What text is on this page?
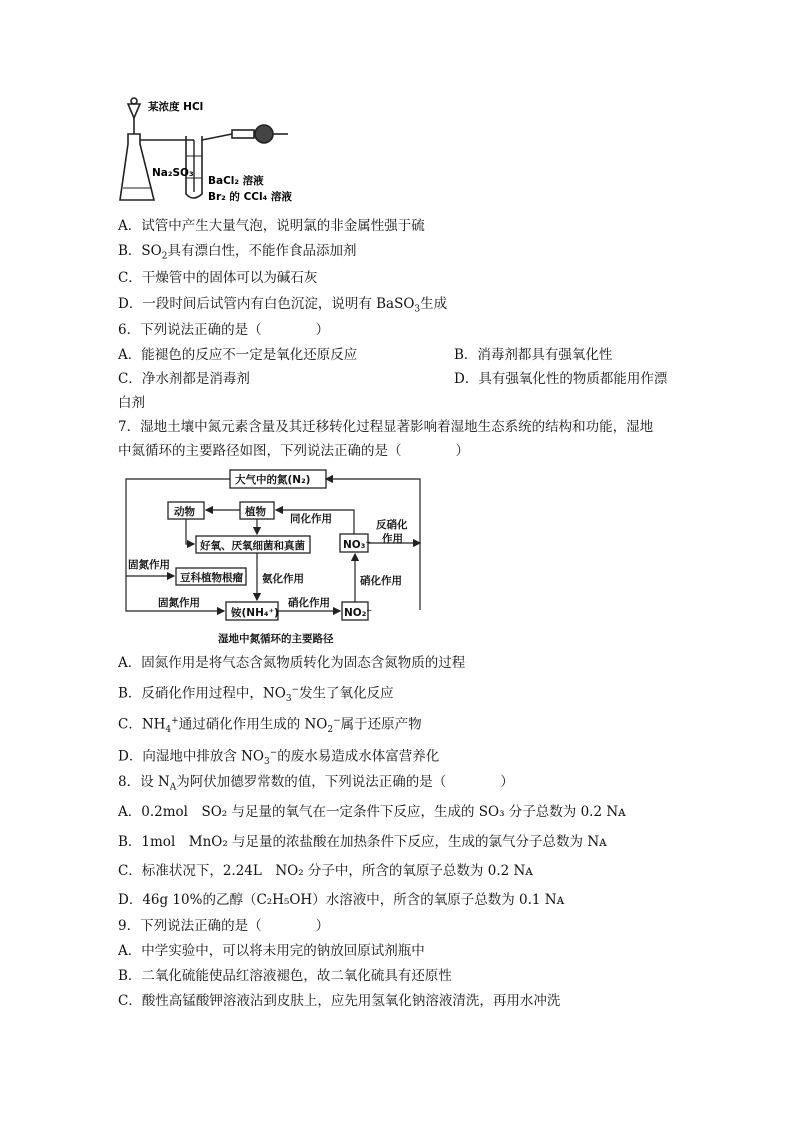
某浓度 HCl
Na₂SO₃
BaCl₂ 溶液
Br₂ 的 CCl₄ 溶液
A．试管中产生大量气泡，说明氯的非金属性强于硫
B．$SO_2$具有漂白性，不能作食品添加剂
C．干燥管中的固体可以为碱石灰
D．一段时间后试管内有白色沉淀，说明有 BaSO$_3$生成
6．下列说法正确的是（　　　　）
A．能褪色的反应不一定是氧化还原反应	B．消毒剂都具有强氧化性
C．净水剂都是消毒剂	D．具有强氧化性的物质都能用作漂
白剂
7．湿地土壤中氮元素含量及其迁移转化过程显著影响着湿地生态系统的结构和功能，湿地
中氮循环的主要路径如图，下列说法正确的是（　　　　）
大气中的氮(N₂)
动物	植物
好氧、厌氧细菌和真菌
豆科植物根瘤
铵(NH₄⁺)	NO₂⁻
NO₃⁻
同化作用	反硝化
作用
固氮作用
固氮作用
氨化作用
硝化作用
硝化作用
湿地中氮循环的主要路径
A．固氮作用是将气态含氮物质转化为固态含氮物质的过程
B．反硝化作用过程中，$NO_3^-$发生了氧化反应
C．$NH_4^+$通过硝化作用生成的 $NO_2^-$属于还原产物
D．向湿地中排放含 $NO_3^-$的废水易造成水体富营养化
8．设 $N_A$为阿伏加德罗常数的值，下列说法正确的是（　　　　）
A．0.2mol　SO₂ 与足量的氧气在一定条件下反应，生成的 SO₃ 分子总数为 0.2 Nᴀ
B．1mol　MnO₂ 与足量的浓盐酸在加热条件下反应，生成的氯气分子总数为 Nᴀ
C．标准状况下，2.24L　NO₂ 分子中，所含的氧原子总数为 0.2 Nᴀ
D．46g 10%的乙醇（C₂H₅OH）水溶液中，所含的氧原子总数为 0.1 Nᴀ
9．下列说法正确的是（　　　　）
A．中学实验中，可以将未用完的钠放回原试剂瓶中
B．二氧化硫能使品红溶液褪色，故二氧化硫具有还原性
C．酸性高锰酸钾溶液沾到皮肤上，应先用氢氧化钠溶液清洗，再用水冲洗
